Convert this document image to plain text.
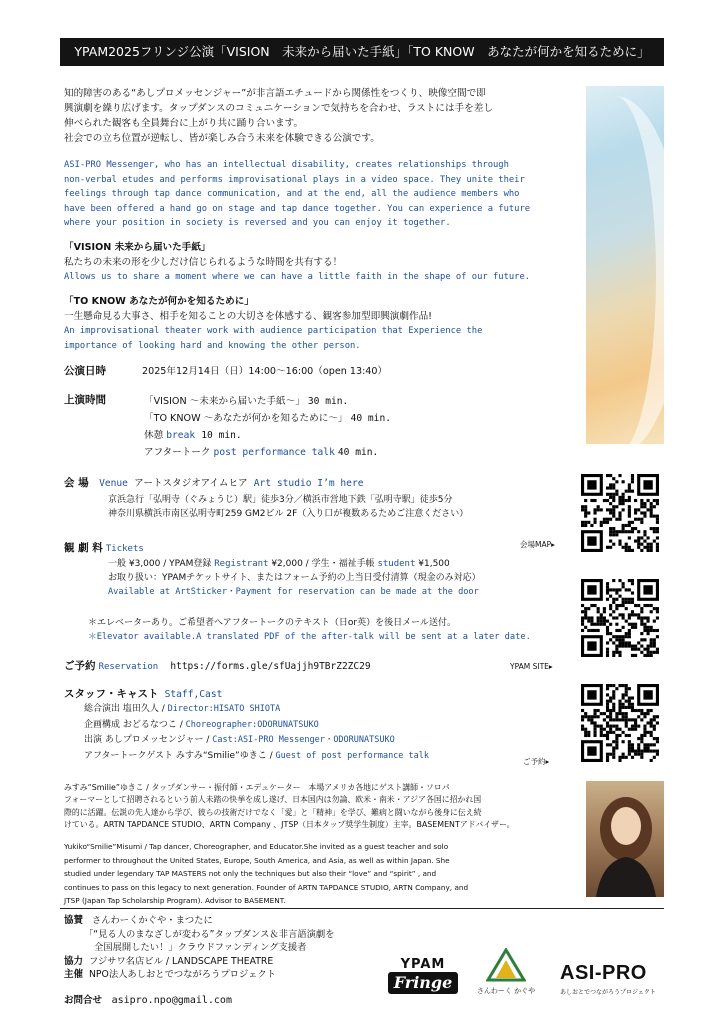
YPAM2025フリンジ公演「VISION　未来から届いた手紙」「TO KNOW　あなたが何かを知るために」
知的障害のある“あしプロメッセンジャー”が非言語エチュードから関係性をつくり、映像空間で即
興演劇を繰り広げます。タップダンスのコミュニケーションで気持ちを合わせ、ラストには手を差し
伸べられた観客も全員舞台に上がり共に踊り合います。
社会での立ち位置が逆転し、皆が楽しみ合う未来を体験できる公演です。
ASI-PRO Messenger, who has an intellectual disability, creates relationships through
non-verbal etudes and performs improvisational plays in a video space. They unite their
feelings through tap dance communication, and at the end, all the audience members who
have been offered a hand go on stage and tap dance together. You can experience a future
where your position in society is reversed and you can enjoy it together.
「VISION 未来から届いた手紙」
私たちの未来の形を少しだけ信じられるような時間を共有する！
Allows us to share a moment where we can have a little faith in the shape of our future.
「TO KNOW あなたが何かを知るために」
一生懸命見る大事さ、相手を知ることの大切さを体感する、観客参加型即興演劇作品!
An improvisational theater work with audience participation that Experience the
importance of looking hard and knowing the other person.
公演日時	2025年12月14日（日）14:00～16:00（open 13:40）
上演時間	「VISION ～未来から届いた手紙～」 30 min.
「TO KNOW ～あなたが何かを知るために～」 40 min.
休憩 break 10 min.
アフタートーク post performance talk 40 min.
会 場 Venue アートスタジオアイムヒア Art studio I’m here
京浜急行「弘明寺（ぐみょうじ）駅」徒歩3分／横浜市営地下鉄「弘明寺駅」徒歩5分
神奈川県横浜市南区弘明寺町259 GM2ビル 2F（入り口が複数あるためご注意ください）
会場MAP▸
観 劇 料 Tickets
一般 ¥3,000 / YPAM登録 Registrant ¥2,000 / 学生・福祉手帳 student ¥1,500
お取り扱い：YPAMチケットサイト、またはフォーム予約の上当日受付清算（現金のみ対応）
Available at ArtSticker・Payment for reservation can be made at the door
＊エレベーターあり。ご希望者へアフタートークのテキスト（日or英）を後日メール送付。
＊Elevator available.A translated PDF of the after-talk will be sent at a later date.
ご予約 Reservation https://forms.gle/sfUajjh9TBrZ2ZC29	YPAM SITE▸
スタッフ・キャスト Staff,Cast
総合演出 塩田久人 / Director:HISATO SHIOTA
企画構成 おどるなつこ / Choreographer:ODORUNATSUKO
出演 あしプロメッセンジャー / Cast:ASI-PRO Messenger・ODORUNATSUKO
アフタートークゲスト みすみ“Smilie”ゆきこ / Guest of post performance talk
ご予約▸
みすみ“Smilie”ゆきこ / タップダンサー・振付師・エデュケーター　本場アメリカ各地にゲスト講師・ソロパ
フォーマーとして招聘されるという前人未踏の快挙を成し遂げ、日本国内は勿論、欧米・南米・アジア各国に招かれ国
際的に活躍。伝説の先人達から学び、彼らの技術だけでなく「愛」と「精神」を学び、難病と闘いながら後身に伝え続
けている。ARTN TAPDANCE STUDIO、ARTN Company 、JTSP（日本タップ奨学生制度）主宰。BASEMENTアドバイザー。
Yukiko“Smilie”Misumi / Tap dancer, Choreographer, and Educator.She invited as a guest teacher and solo
performer to throughout the United States, Europe, South America, and Asia, as well as within Japan. She
studied under legendary TAP MASTERS not only the techniques but also their “love” and “spirit” , and
continues to pass on this legacy to next generation. Founder of ARTN TAPDANCE STUDIO, ARTN Company, and
JTSP (Japan Tap Scholarship Program). Advisor to BASEMENT.
協賛 さんわーくかぐや・まつたに
「“見る人のまなざしが変わる”タップダンス＆非言語演劇を
全国展開したい！」クラウドファンディング支援者
協力 フジサワ名店ビル / LANDSCAPE THEATRE
主催 NPO法人あしおとでつながろうプロジェクト
お問合せ asipro.npo@gmail.com
YPAM
Fringe	さんわーく かぐや
ASI-PRO
あしおとでつながろうプロジェクト
